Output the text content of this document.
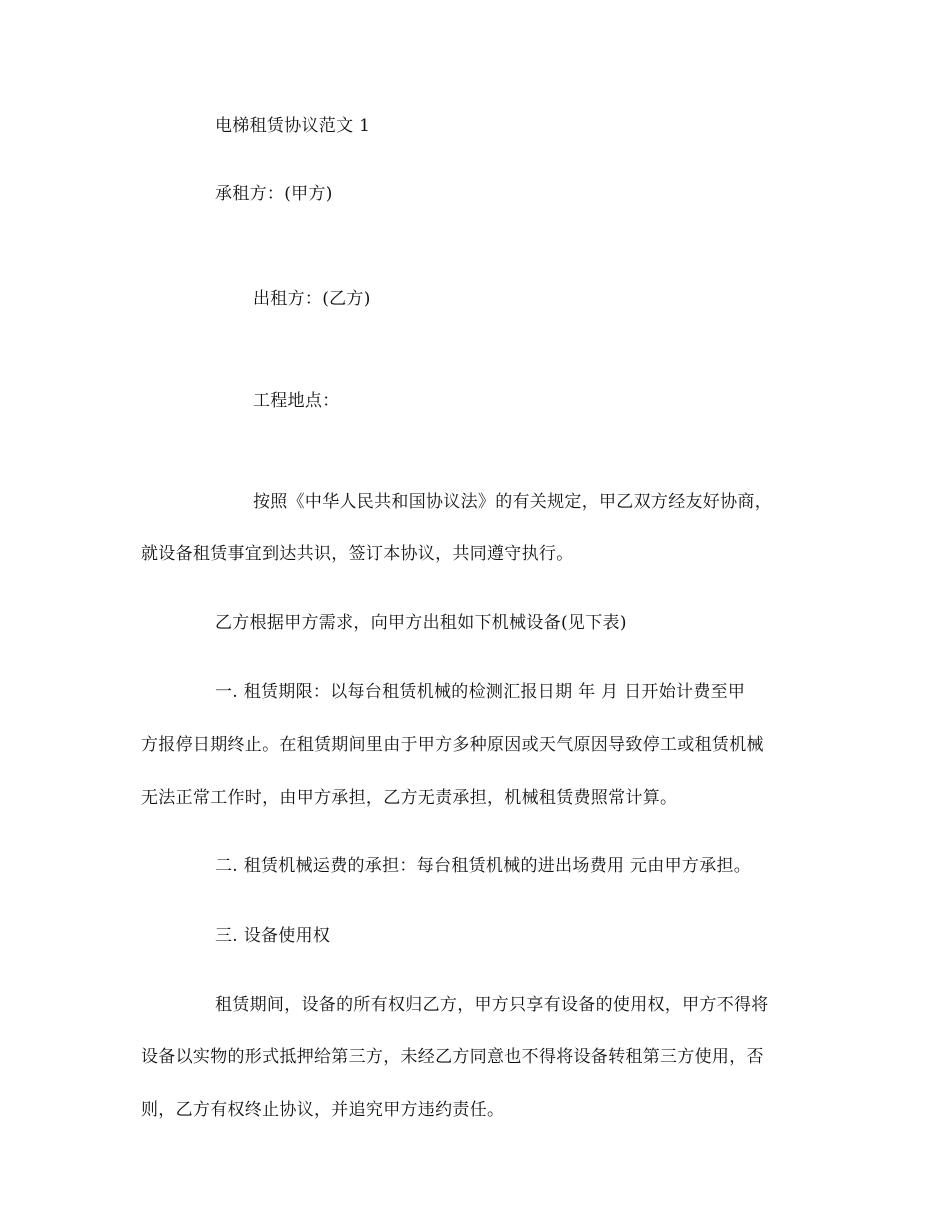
电梯租赁协议范文 1
承租方：(甲方)
出租方：(乙方)
工程地点：
按照《中华人民共和国协议法》的有关规定，甲乙双方经友好协商，
就设备租赁事宜到达共识，签订本协议，共同遵守执行。
乙方根据甲方需求，向甲方出租如下机械设备(见下表)
一. 租赁期限：以每台租赁机械的检测汇报日期 年 月 日开始计费至甲
方报停日期终止。在租赁期间里由于甲方多种原因或天气原因导致停工或租赁机械
无法正常工作时，由甲方承担，乙方无责承担，机械租赁费照常计算。
二. 租赁机械运费的承担：每台租赁机械的进出场费用 元由甲方承担。
三. 设备使用权
租赁期间，设备的所有权归乙方，甲方只享有设备的使用权，甲方不得将
设备以实物的形式抵押给第三方，未经乙方同意也不得将设备转租第三方使用，否
则，乙方有权终止协议，并追究甲方违约责任。
